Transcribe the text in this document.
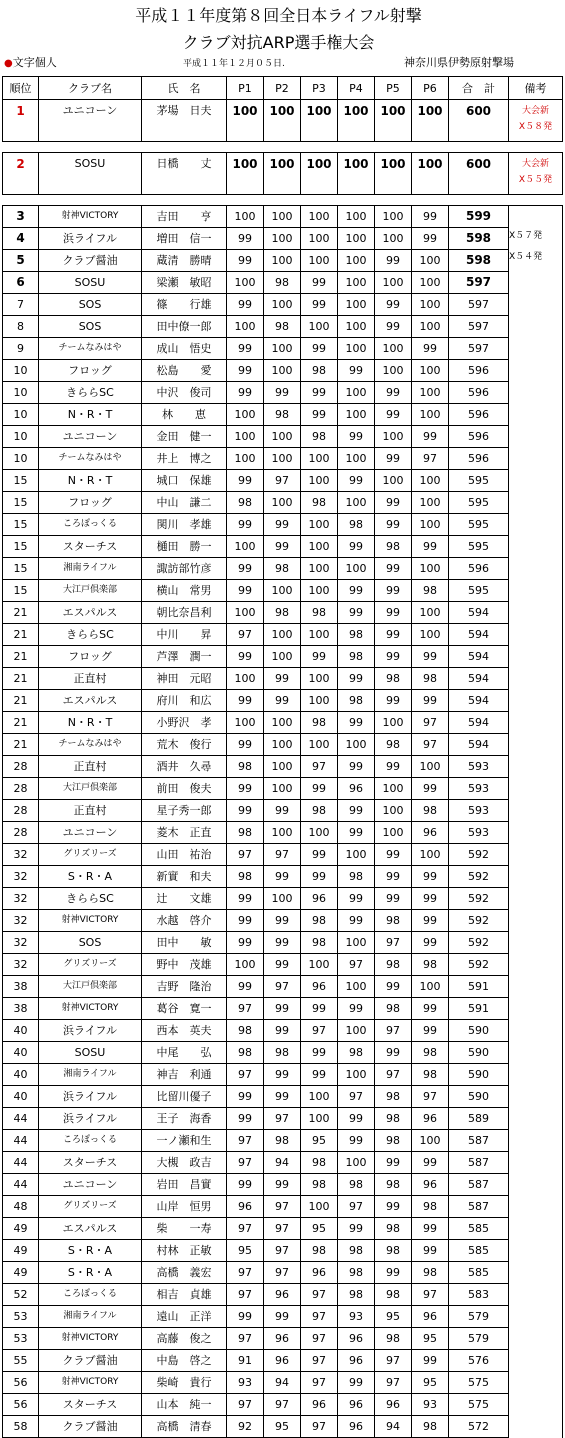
平成１１年度第８回全日本ライフル射撃
クラブ対抗ARP選手権大会
●文字個人	平成１１年１２月０５日.	神奈川県伊勢原射撃場
順位	クラブ名	氏　名	P1	P2	P3	P4	P5	P6	合　計	備考
1	ユニコーン	茅場　日夫	100	100	100	100	100	100	600	大会新
X５８発

2	SOSU	日橋　　丈	100	100	100	100	100	100	600	大会新
X５５発

3	射神VICTORY	吉田　　亨	100	100	100	100	100	99	599	X５７発
X５４発

4	浜ライフル	増田　信一	99	100	100	100	100	99	598	
5	クラブ醤油	蔵清　勝晴	99	100	100	100	99	100	598	
6	SOSU	梁瀬　敏昭	100	98	99	100	100	100	597	
7	SOS	篠　　行雄	99	100	99	100	99	100	597	
8	SOS	田中僚一郎	100	98	100	100	99	100	597	
9	チームなみはや	成山　悟史	99	100	99	100	100	99	597	
10	フロッグ	松島　　愛	99	100	98	99	100	100	596	
10	きららSC	中沢　俊司	99	99	99	100	99	100	596	
10	N・R・T	林　　恵	100	98	99	100	99	100	596	
10	ユニコーン	金田　健一	100	100	98	99	100	99	596	
10	チームなみはや	井上　博之	100	100	100	100	99	97	596	
15	N・R・T	城口　保雄	99	97	100	99	100	100	595	
15	フロッグ	中山　謙二	98	100	98	100	99	100	595	
15	ころぽっくる	関川　孝雄	99	99	100	98	99	100	595	
15	スターチス	樋田　勝一	100	99	100	99	98	99	595	
15	湘南ライフル	諏訪部竹彦	99	98	100	100	99	100	596	
15	大江戸倶楽部	横山　常男	99	100	100	99	99	98	595	
21	エスパルス	朝比奈昌利	100	98	98	99	99	100	594	
21	きららSC	中川　　昇	97	100	100	98	99	100	594	
21	フロッグ	芦澤　潤一	99	100	99	98	99	99	594	
21	正直村	神田　元昭	100	99	100	99	98	98	594	
21	エスパルス	府川　和広	99	99	100	98	99	99	594	
21	N・R・T	小野沢　孝	100	100	98	99	100	97	594	
21	チームなみはや	荒木　俊行	99	100	100	100	98	97	594	
28	正直村	酒井　久尋	98	100	97	99	99	100	593	
28	大江戸倶楽部	前田　俊夫	99	100	99	96	100	99	593	
28	正直村	星子秀一郎	99	99	98	99	100	98	593	
28	ユニコーン	菱木　正直	98	100	100	99	100	96	593	
32	グリズリーズ	山田　祐治	97	97	99	100	99	100	592	
32	S・R・A	新實　和夫	98	99	99	98	99	99	592	
32	きららSC	辻　　文雄	99	100	96	99	99	99	592	
32	射神VICTORY	水越　啓介	99	99	98	99	98	99	592	
32	SOS	田中　　敏	99	99	98	100	97	99	592	
32	グリズリーズ	野中　茂雄	100	99	100	97	98	98	592	
38	大江戸倶楽部	吉野　隆治	99	97	96	100	99	100	591	
38	射神VICTORY	葛谷　寛一	97	99	99	99	98	99	591	
40	浜ライフル	西本　英夫	98	99	97	100	97	99	590	
40	SOSU	中尾　　弘	98	98	99	98	99	98	590	
40	湘南ライフル	神吉　利通	97	99	99	100	97	98	590	
40	浜ライフル	比留川優子	99	99	100	97	98	97	590	
44	浜ライフル	王子　海香	99	97	100	99	98	96	589	
44	ころぽっくる	一ノ瀬和生	97	98	95	99	98	100	587	
44	スターチス	大槻　政吉	97	94	98	100	99	99	587	
44	ユニコーン	岩田　昌實	99	99	98	98	98	96	587	
48	グリズリーズ	山岸　恒男	96	97	100	97	99	98	587	
49	エスパルス	柴　　一寿	97	97	95	99	98	99	585	
49	S・R・A	村林　正敏	95	97	98	98	98	99	585	
49	S・R・A	高橋　義宏	97	97	96	98	99	98	585	
52	ころぽっくる	相吉　貞雄	97	96	97	98	98	97	583	
53	湘南ライフル	遠山　正洋	99	99	97	93	95	96	579	
53	射神VICTORY	高藤　俊之	97	96	97	96	98	95	579	
55	クラブ醤油	中島　啓之	91	96	97	96	97	99	576	
56	射神VICTORY	柴崎　貴行	93	94	97	99	97	95	575	
56	スターチス	山本　純一	97	97	96	96	96	93	575	
58	クラブ醤油	高橋　清春	92	95	97	96	94	98	572	
